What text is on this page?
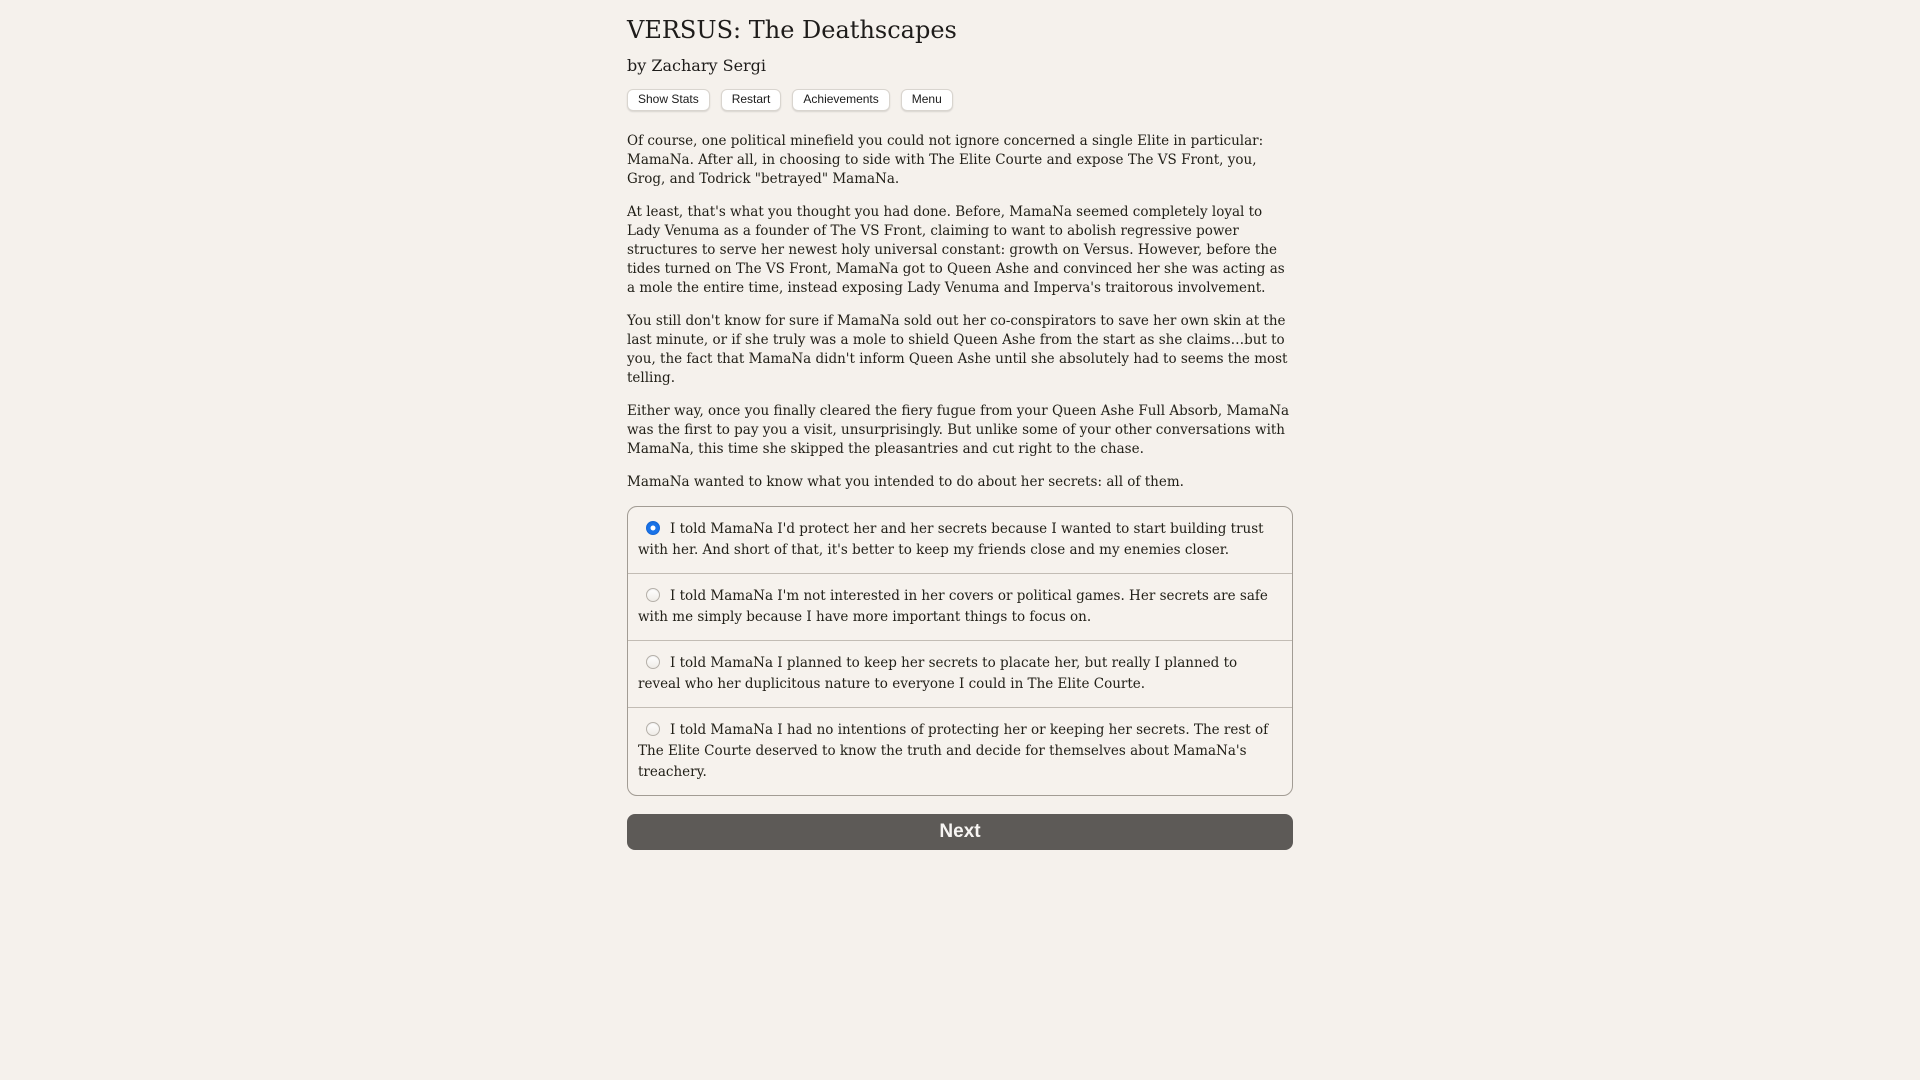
VERSUS: The Deathscapes
by Zachary Sergi
Show Stats	Restart	Achievements	Menu

Of course, one political minefield you could not ignore concerned a single Elite in particular: MamaNa. After all, in choosing to side with The Elite Courte and expose The VS Front, you, Grog, and Todrick "betrayed" MamaNa.

At least, that's what you thought you had done. Before, MamaNa seemed completely loyal to Lady Venuma as a founder of The VS Front, claiming to want to abolish regressive power structures to serve her newest holy universal constant: growth on Versus. However, before the tides turned on The VS Front, MamaNa got to Queen Ashe and convinced her she was acting as a mole the entire time, instead exposing Lady Venuma and Imperva's traitorous involvement.

You still don't know for sure if MamaNa sold out her co-conspirators to save her own skin at the last minute, or if she truly was a mole to shield Queen Ashe from the start as she claims…but to you, the fact that MamaNa didn't inform Queen Ashe until she absolutely had to seems the most telling.

Either way, once you finally cleared the fiery fugue from your Queen Ashe Full Absorb, MamaNa was the first to pay you a visit, unsurprisingly. But unlike some of your other conversations with MamaNa, this time she skipped the pleasantries and cut right to the chase.

MamaNa wanted to know what you intended to do about her secrets: all of them.

I told MamaNa I'd protect her and her secrets because I wanted to start building trust with her. And short of that, it's better to keep my friends close and my enemies closer.
I told MamaNa I'm not interested in her covers or political games. Her secrets are safe with me simply because I have more important things to focus on.
I told MamaNa I planned to keep her secrets to placate her, but really I planned to reveal who her duplicitous nature to everyone I could in The Elite Courte.
I told MamaNa I had no intentions of protecting her or keeping her secrets. The rest of The Elite Courte deserved to know the truth and decide for themselves about MamaNa's treachery.
Next
